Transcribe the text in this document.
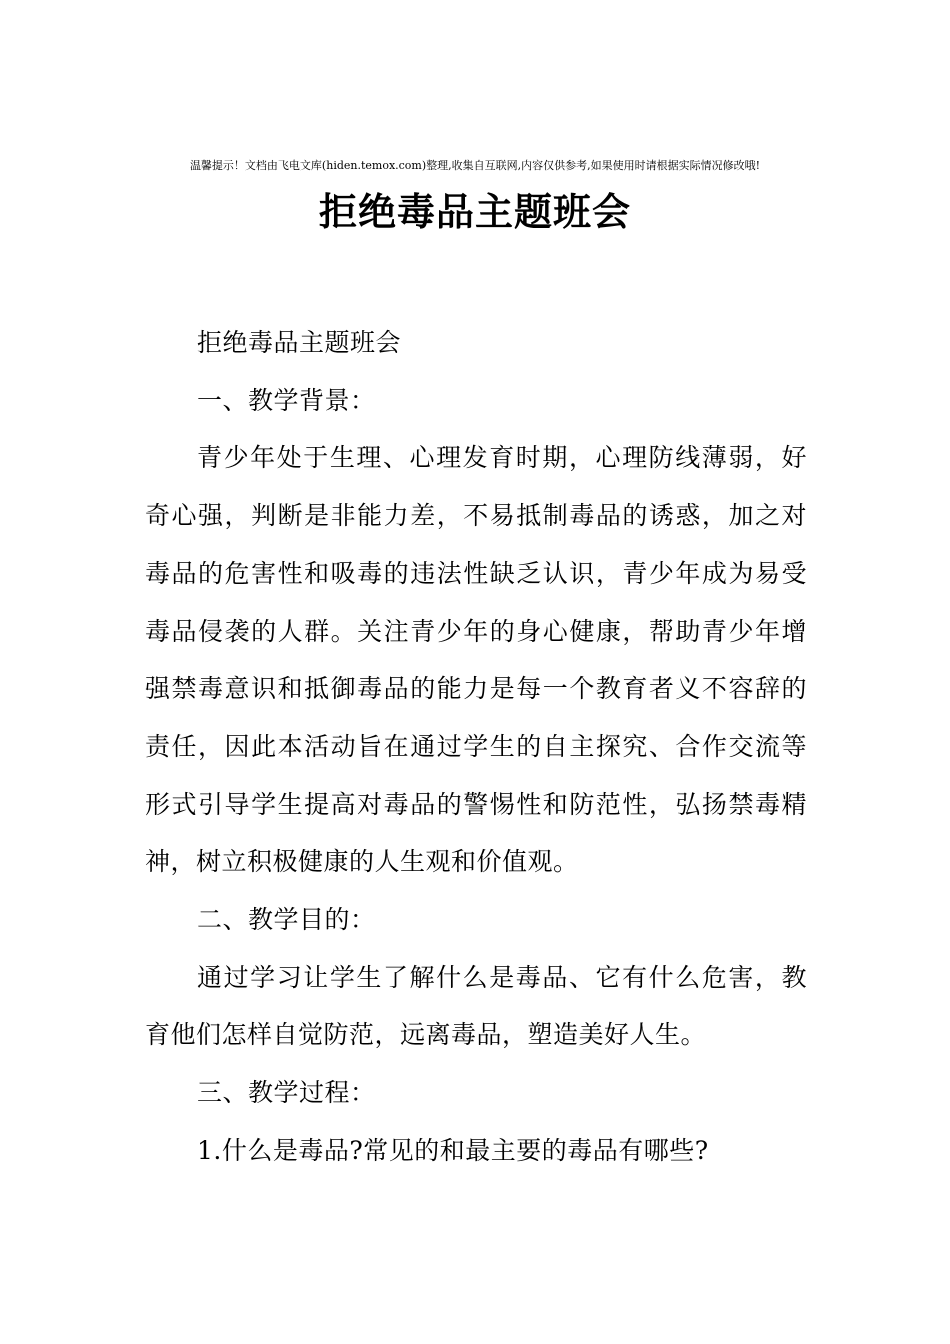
温馨提示！文档由飞电文库(hiden.temox.com)整理,收集自互联网,内容仅供参考,如果使用时请根据实际情况修改哦!
拒绝毒品主题班会

拒绝毒品主题班会

一、教学背景：

青少年处于生理、心理发育时期，心理防线薄弱，好奇心强，判断是非能力差，不易抵制毒品的诱惑，加之对毒品的危害性和吸毒的违法性缺乏认识，青少年成为易受毒品侵袭的人群。关注青少年的身心健康，帮助青少年增强禁毒意识和抵御毒品的能力是每一个教育者义不容辞的责任，因此本活动旨在通过学生的自主探究、合作交流等形式引导学生提高对毒品的警惕性和防范性，弘扬禁毒精神，树立积极健康的人生观和价值观。

二、教学目的：

通过学习让学生了解什么是毒品、它有什么危害，教育他们怎样自觉防范，远离毒品，塑造美好人生。

三、教学过程：

1.什么是毒品?常见的和最主要的毒品有哪些?
